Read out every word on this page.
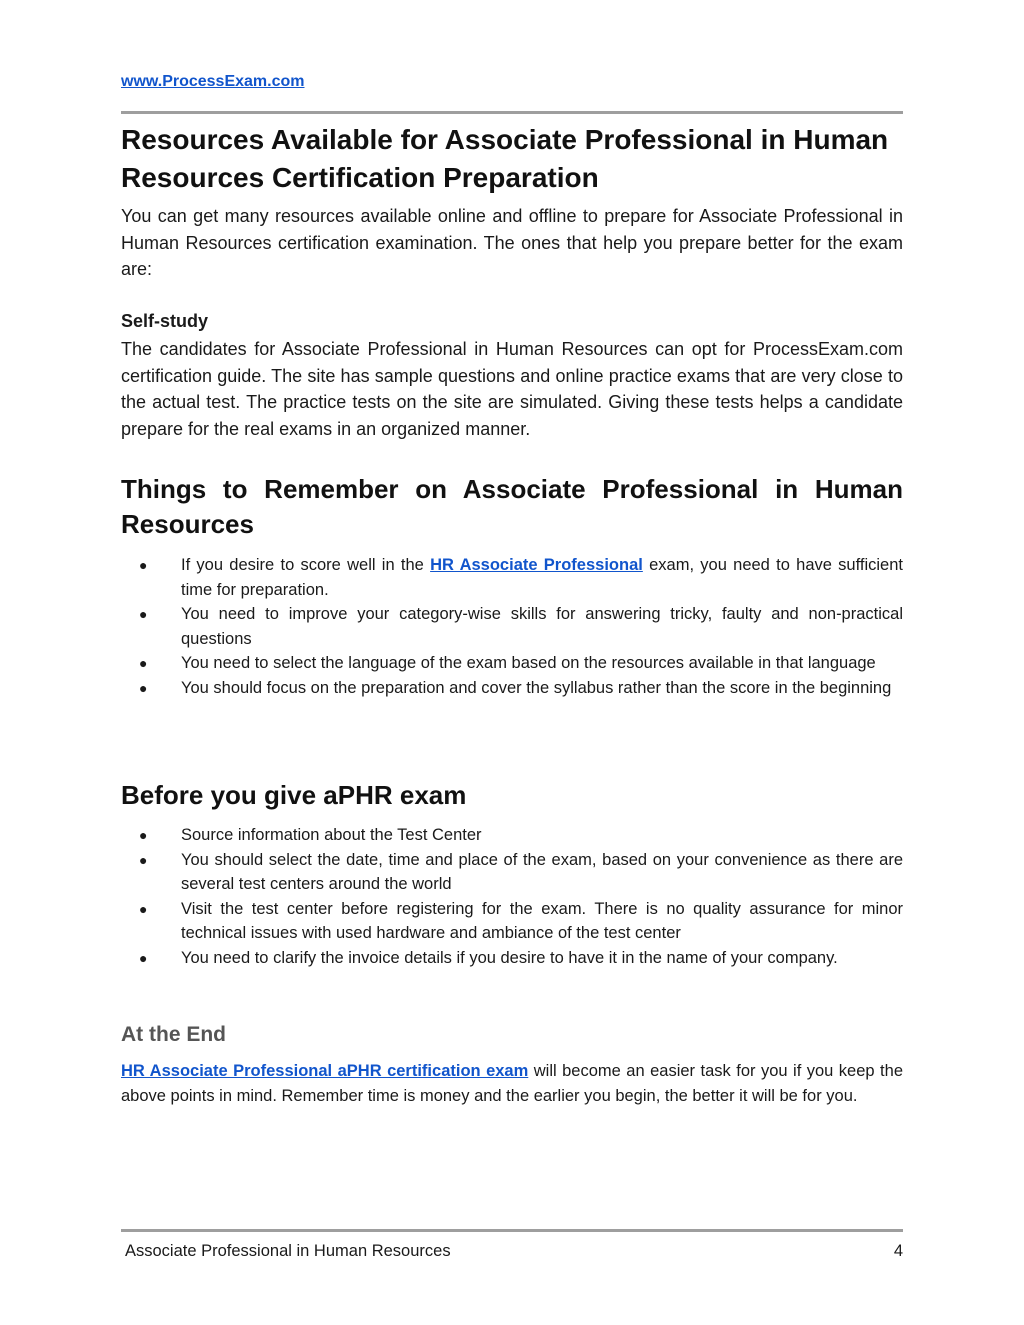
www.ProcessExam.com
Resources Available for Associate Professional in Human Resources Certification Preparation

You can get many resources available online and offline to prepare for Associate Professional in Human Resources certification examination. The ones that help you prepare better for the exam are:

Self-study

The candidates for Associate Professional in Human Resources can opt for ProcessExam.com certification guide. The site has sample questions and online practice exams that are very close to the actual test. The practice tests on the site are simulated. Giving these tests helps a candidate prepare for the real exams in an organized manner.

Things to Remember on Associate Professional in Human Resources
● If you desire to score well in the HR Associate Professional exam, you need to have sufficient time for preparation.
● You need to improve your category-wise skills for answering tricky, faulty and non-practical questions
● You need to select the language of the exam based on the resources available in that language
● You should focus on the preparation and cover the syllabus rather than the score in the beginning
Before you give aPHR exam
● Source information about the Test Center
● You should select the date, time and place of the exam, based on your convenience as there are several test centers around the world
● Visit the test center before registering for the exam. There is no quality assurance for minor technical issues with used hardware and ambiance of the test center
● You need to clarify the invoice details if you desire to have it in the name of your company.
At the End

HR Associate Professional aPHR certification exam will become an easier task for you if you keep the above points in mind. Remember time is money and the earlier you begin, the better it will be for you.

Associate Professional in Human Resources	4
